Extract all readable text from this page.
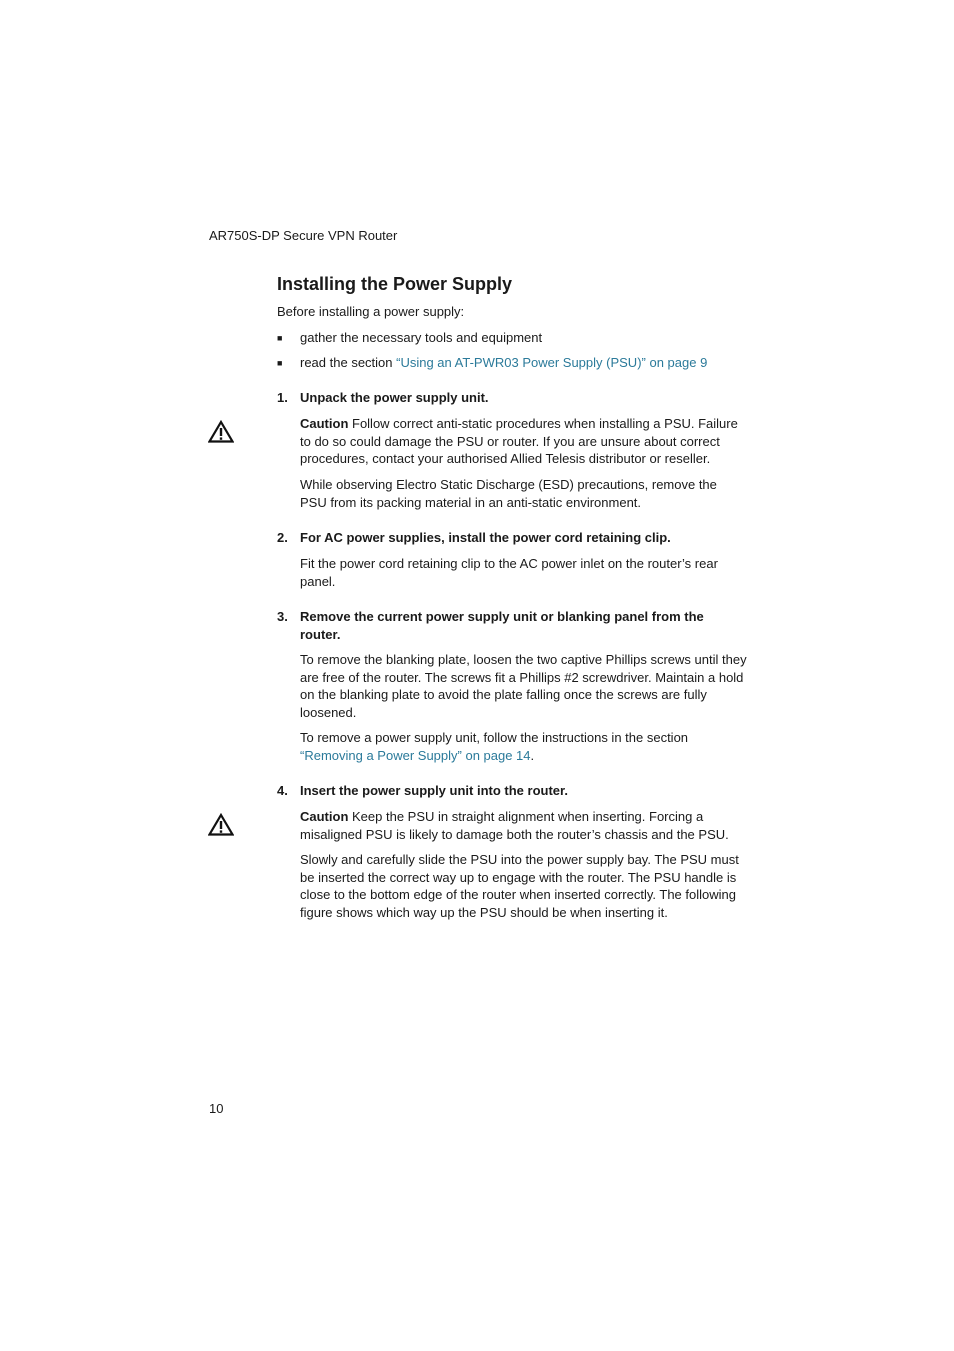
AR750S-DP Secure VPN Router
Installing the Power Supply
Before installing a power supply:
■	gather the necessary tools and equipment
■	read the section “Using an AT-PWR03 Power Supply (PSU)” on page 9
1. Unpack the power supply unit.

Caution Follow correct anti-static procedures when installing a PSU. Failure to do so could damage the PSU or router. If you are unsure about correct procedures, contact your authorised Allied Telesis distributor or reseller.

While observing Electro Static Discharge (ESD) precautions, remove the PSU from its packing material in an anti-static environment.

2. For AC power supplies, install the power cord retaining clip.

Fit the power cord retaining clip to the AC power inlet on the router’s rear panel.

3. Remove the current power supply unit or blanking panel from the router.

To remove the blanking plate, loosen the two captive Phillips screws until they are free of the router. The screws fit a Phillips #2 screwdriver. Maintain a hold on the blanking plate to avoid the plate falling once the screws are fully loosened.

To remove a power supply unit, follow the instructions in the section “Removing a Power Supply” on page 14.

4. Insert the power supply unit into the router.

Caution Keep the PSU in straight alignment when inserting. Forcing a misaligned PSU is likely to damage both the router’s chassis and the PSU.

Slowly and carefully slide the PSU into the power supply bay. The PSU must be inserted the correct way up to engage with the router. The PSU handle is close to the bottom edge of the router when inserted correctly. The following figure shows which way up the PSU should be when inserting it.

10
